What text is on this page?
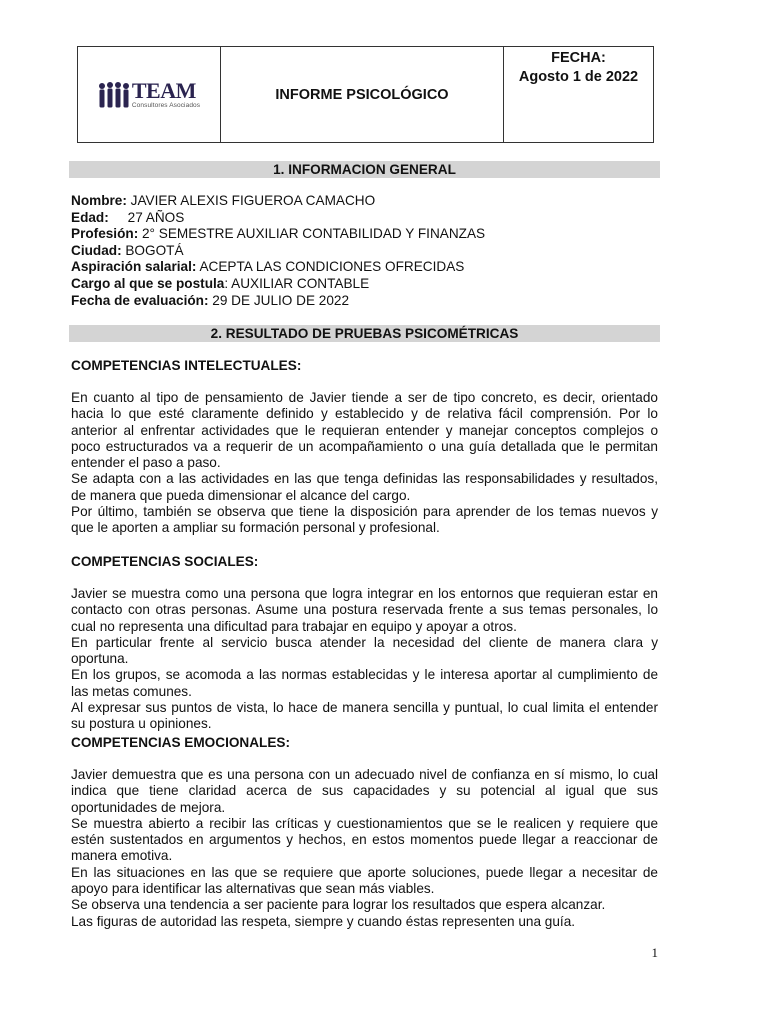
TEAM
Consultores Asociados
INFORME PSICOLÓGICO
FECHA:
Agosto 1 de 2022
1. INFORMACION GENERAL
Nombre: JAVIER ALEXIS FIGUEROA CAMACHO
Edad:     27 AÑOS
Profesión: 2° SEMESTRE AUXILIAR CONTABILIDAD Y FINANZAS
Ciudad: BOGOTÁ
Aspiración salarial: ACEPTA LAS CONDICIONES OFRECIDAS
Cargo al que se postula: AUXILIAR CONTABLE
Fecha de evaluación: 29 DE JULIO DE 2022
2. RESULTADO DE PRUEBAS PSICOMÉTRICAS
COMPETENCIAS INTELECTUALES:

En cuanto al tipo de pensamiento de Javier tiende a ser de tipo concreto, es decir, orientado hacia lo que esté claramente definido y establecido y de relativa fácil comprensión. Por lo anterior al enfrentar actividades que le requieran entender y manejar conceptos complejos o poco estructurados va a requerir de un acompañamiento o una guía detallada que le permitan entender el paso a paso.

Se adapta con a las actividades en las que tenga definidas las responsabilidades y resultados, de manera que pueda dimensionar el alcance del cargo.

Por último, también se observa que tiene la disposición para aprender de los temas nuevos y que le aporten a ampliar su formación personal y profesional.

COMPETENCIAS SOCIALES:

Javier se muestra como una persona que logra integrar en los entornos que requieran estar en contacto con otras personas. Asume una postura reservada frente a sus temas personales, lo cual no representa una dificultad para trabajar en equipo y apoyar a otros.

En particular frente al servicio busca atender la necesidad del cliente de manera clara y oportuna.

En los grupos, se acomoda a las normas establecidas y le interesa aportar al cumplimiento de las metas comunes.

Al expresar sus puntos de vista, lo hace de manera sencilla y puntual, lo cual limita el entender su postura u opiniones.

COMPETENCIAS EMOCIONALES:

Javier demuestra que es una persona con un adecuado nivel de confianza en sí mismo, lo cual indica que tiene claridad acerca de sus capacidades y su potencial al igual que sus oportunidades de mejora.

Se muestra abierto a recibir las críticas y cuestionamientos que se le realicen y requiere que estén sustentados en argumentos y hechos, en estos momentos puede llegar a reaccionar de manera emotiva.

En las situaciones en las que se requiere que aporte soluciones, puede llegar a necesitar de apoyo para identificar las alternativas que sean más viables.

Se observa una tendencia a ser paciente para lograr los resultados que espera alcanzar.

Las figuras de autoridad las respeta, siempre y cuando éstas representen una guía.

1
